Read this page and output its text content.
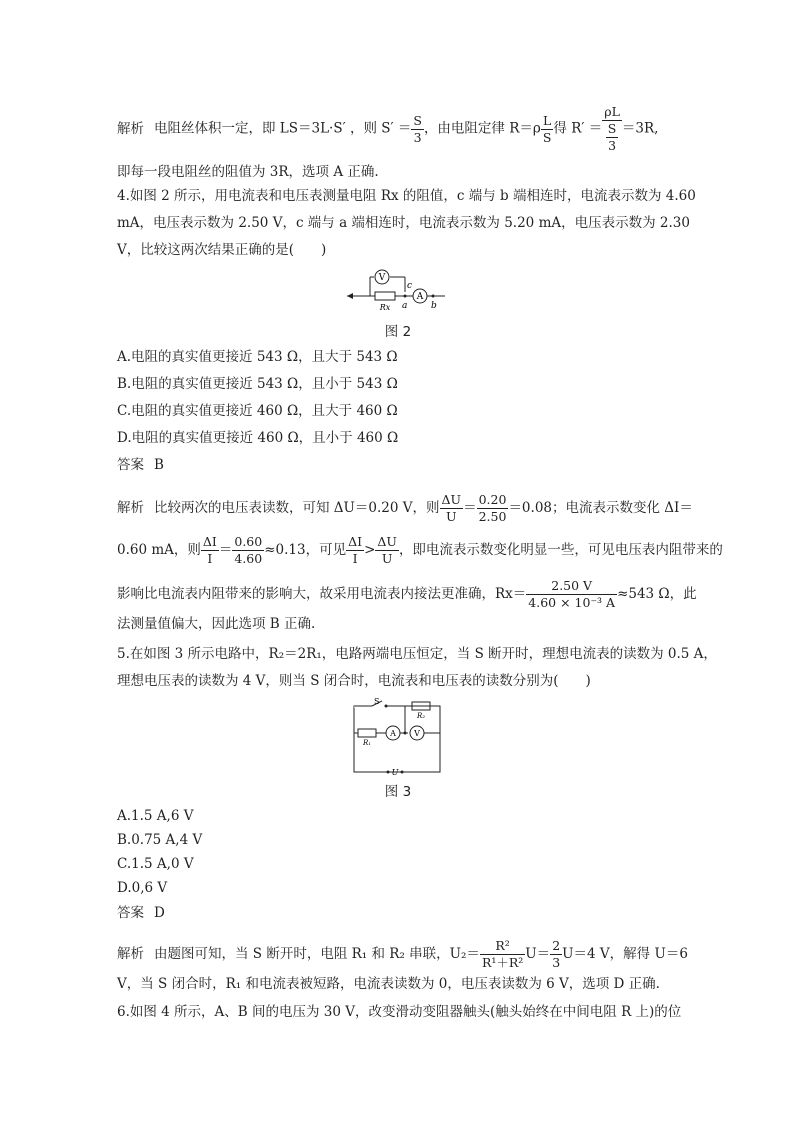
解析 电阻丝体积一定，即 LS＝3L·S′ ，则 $S' = \frac{S}{3}$ ，由电阻定律 $R=\rho \frac{L}{S}$ 得 $R' = \frac{\rho L}{\frac{S}{3}} =3R$,
即每一段电阻丝的阻值为 3R，选项 A 正确.
4.如图 2 所示，用电流表和电压表测量电阻 Rx 的阻值，c 端与 b 端相连时，电流表示数为 4.60
mA，电压表示数为 2.50 V，c 端与 a 端相连时，电流表示数为 5.20 mA，电压表示数为 2.30
V，比较这两次结果正确的是(　　)
V
A
Rx
c
a	b
图 2
A.电阻的真实值更接近 543 Ω，且大于 543 Ω
B.电阻的真实值更接近 543 Ω，且小于 543 Ω
C.电阻的真实值更接近 460 Ω，且大于 460 Ω
D.电阻的真实值更接近 460 Ω，且小于 460 Ω
答案 B
解析 比较两次的电压表读数，可知 ΔU＝0.20 V，则 $\frac{\Delta U}{U} = \frac{0.20}{2.50} =0.08$；电流表示数变化 ΔI＝
0.60 mA，则 $\frac{\Delta I}{I} = \frac{0.60}{4.60} \approx 0.13$，可见 $\frac{\Delta I}{I} > \frac{\Delta U}{U}$ ，即电流表示数变化明显一些，可见电压表内阻带来的
影响比电流表内阻带来的影响大，故采用电流表内接法更准确，$Rx= \frac{2.50 V}{\text{4.60 × 10⁻³ A}} \approx 543$ Ω，此
法测量值偏大，因此选项 B 正确.
5.在如图 3 所示电路中，R₂＝2R₁，电路两端电压恒定，当 S 断开时，理想电流表的读数为 0.5 A，
理想电压表的读数为 4 V，则当 S 闭合时，电流表和电压表的读数分别为(　　)
S
R₂
R₁
A V
U
图 3
A.1.5 A,6 V
B.0.75 A,4 V
C.1.5 A,0 V
D.0,6 V
答案 D
解析 由题图可知，当 S 断开时，电阻 R₁ 和 R₂ 串联，$U_2= \frac{\text{R²}}{\text{R¹＋R²}} U= \frac{2}{3} U=4$ V，解得 U＝6
V，当 S 闭合时，R₁ 和电流表被短路，电流表读数为 0，电压表读数为 6 V，选项 D 正确.
6.如图 4 所示，A、B 间的电压为 30 V，改变滑动变阻器触头(触头始终在中间电阻 R 上)的位
